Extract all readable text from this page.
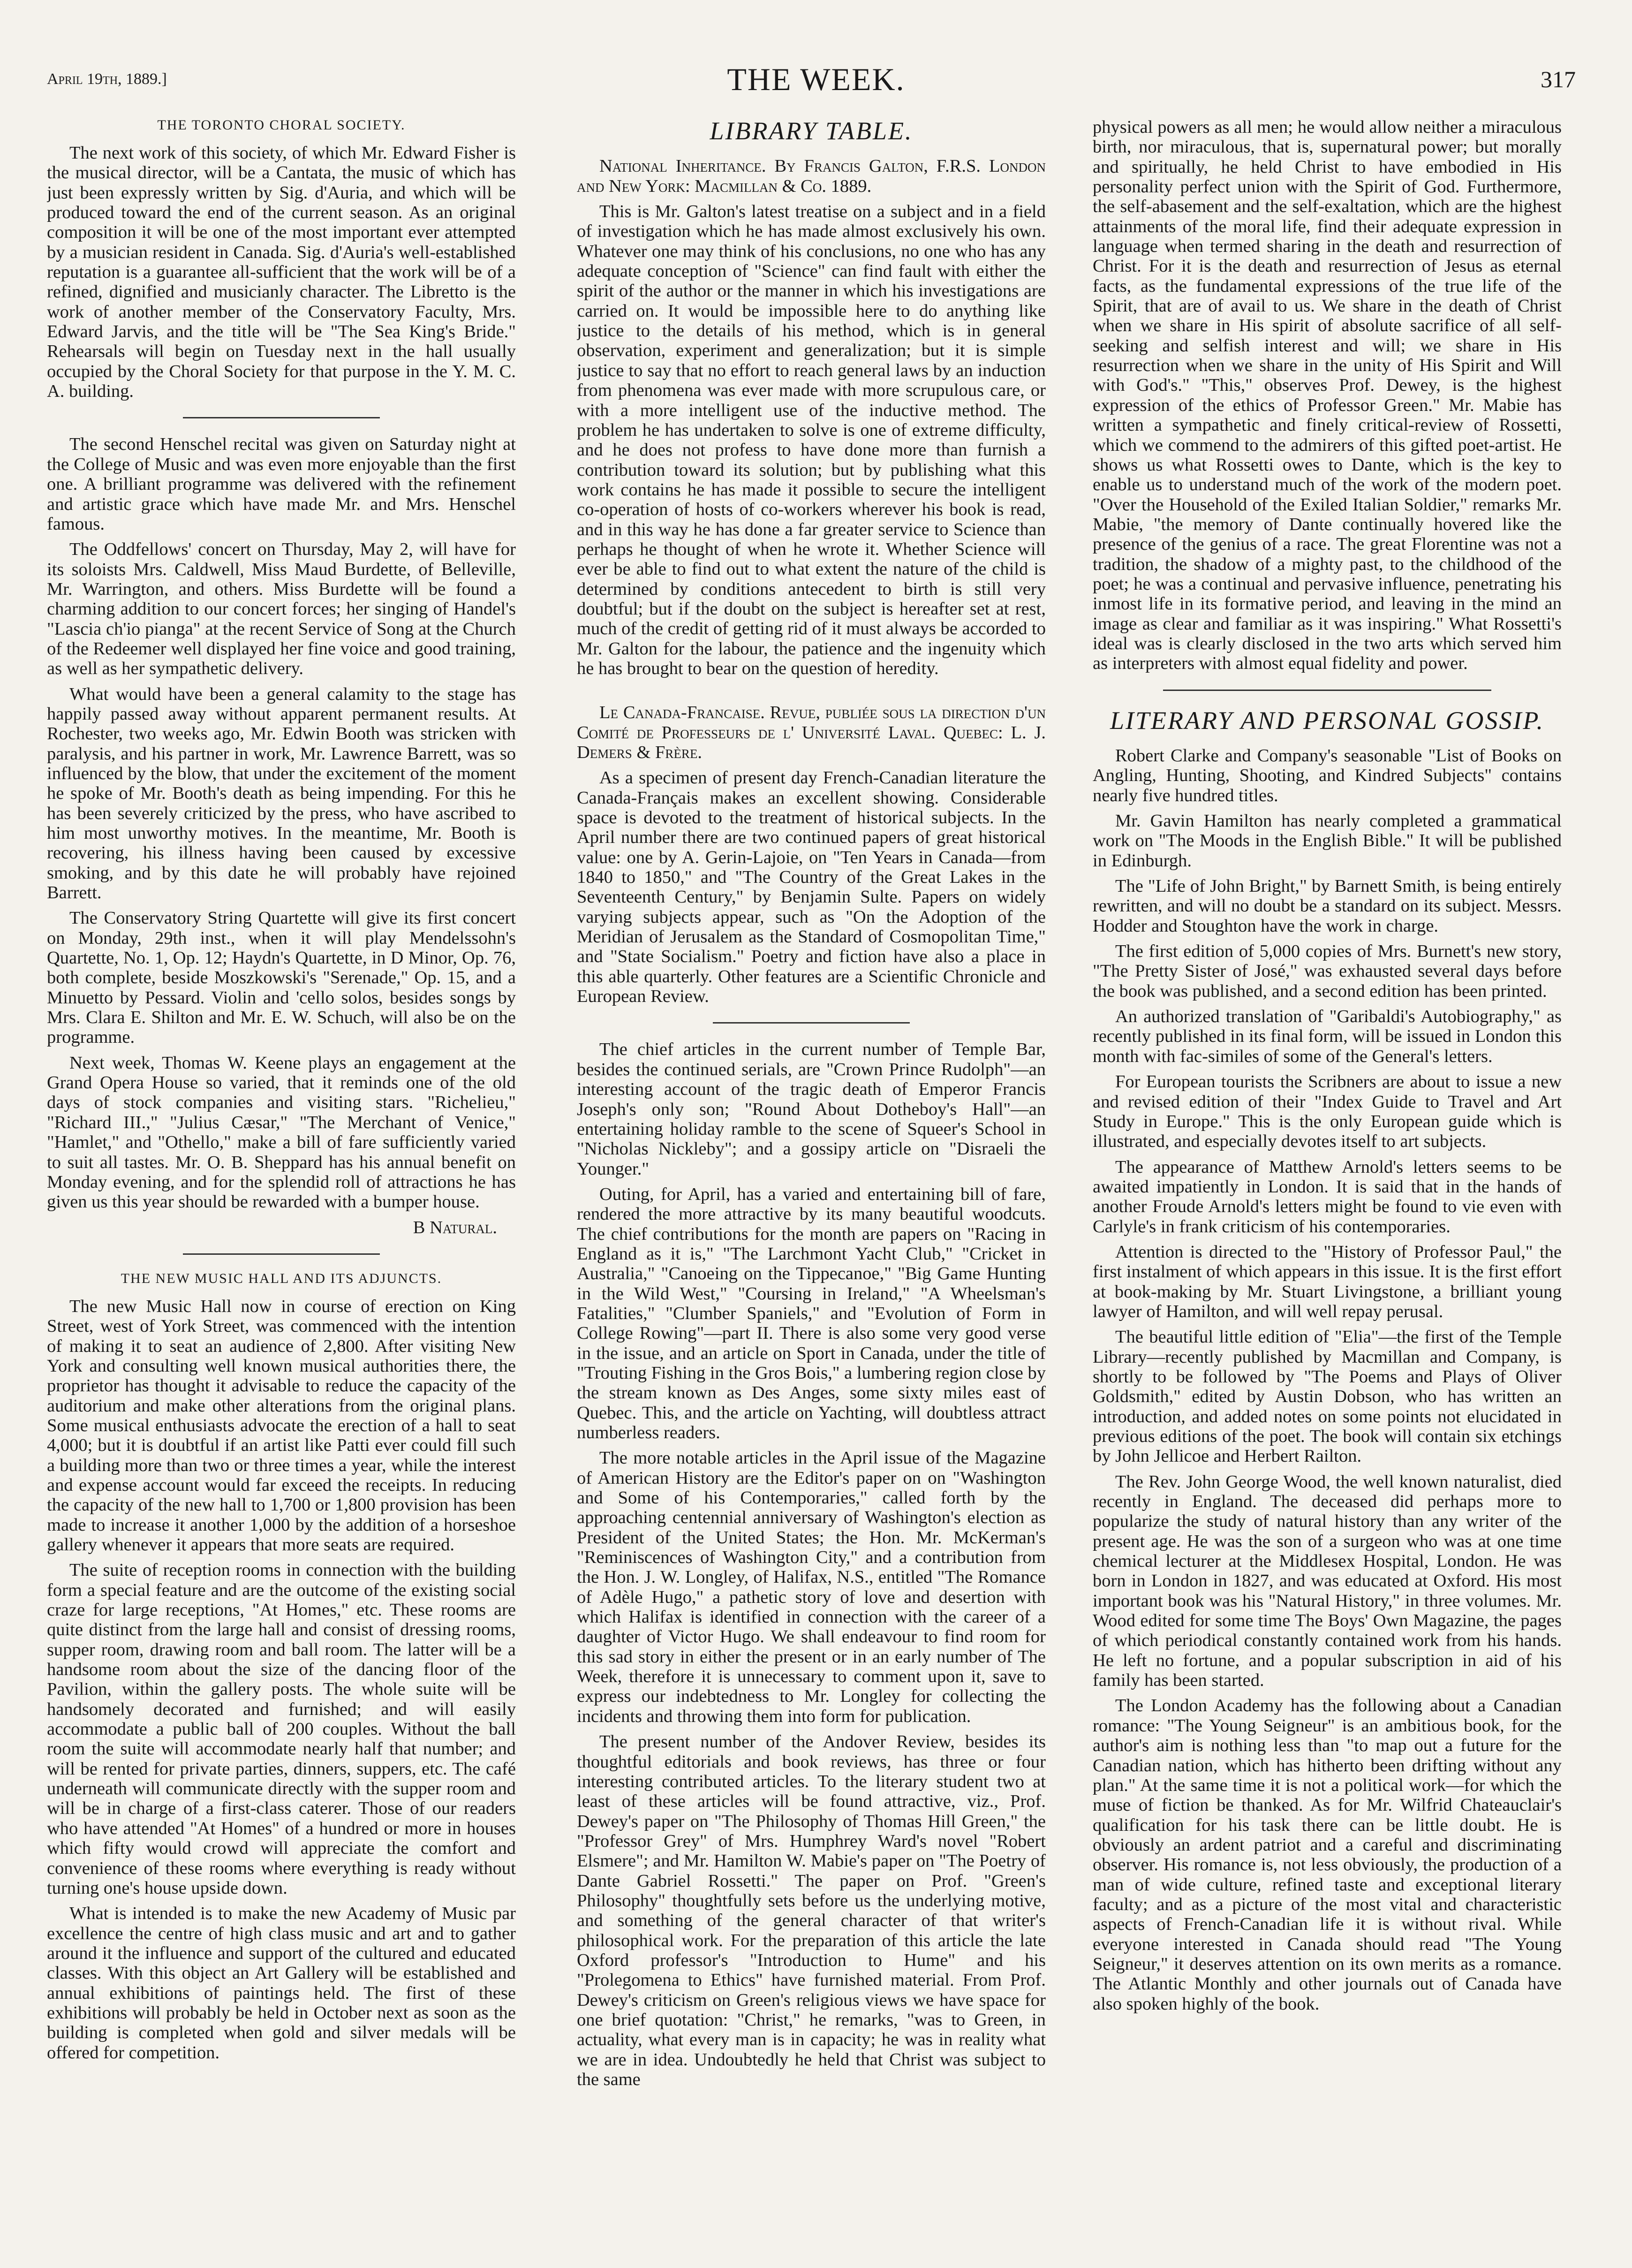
April 19th, 1889.]	THE WEEK.	317
THE TORONTO CHORAL SOCIETY.

The next work of this society, of which Mr. Edward Fisher is the musical director, will be a Cantata, the music of which has just been expressly written by Sig. d'Auria, and which will be produced toward the end of the current season. As an original composition it will be one of the most important ever attempted by a musician resident in Canada. Sig. d'Auria's well-established reputation is a guarantee all-sufficient that the work will be of a refined, dignified and musicianly character. The Libretto is the work of another member of the Conservatory Faculty, Mrs. Edward Jarvis, and the title will be "The Sea King's Bride." Rehearsals will begin on Tuesday next in the hall usually occupied by the Choral Society for that purpose in the Y. M. C. A. building.

The second Henschel recital was given on Saturday night at the College of Music and was even more enjoyable than the first one. A brilliant programme was delivered with the refinement and artistic grace which have made Mr. and Mrs. Henschel famous.

The Oddfellows' concert on Thursday, May 2, will have for its soloists Mrs. Caldwell, Miss Maud Burdette, of Belleville, Mr. Warrington, and others. Miss Burdette will be found a charming addition to our concert forces; her singing of Handel's "Lascia ch'io pianga" at the recent Service of Song at the Church of the Redeemer well displayed her fine voice and good training, as well as her sympathetic delivery.

What would have been a general calamity to the stage has happily passed away without apparent permanent results. At Rochester, two weeks ago, Mr. Edwin Booth was stricken with paralysis, and his partner in work, Mr. Lawrence Barrett, was so influenced by the blow, that under the excitement of the moment he spoke of Mr. Booth's death as being impending. For this he has been severely criticized by the press, who have ascribed to him most unworthy motives. In the meantime, Mr. Booth is recovering, his illness having been caused by excessive smoking, and by this date he will probably have rejoined Barrett.

The Conservatory String Quartette will give its first concert on Monday, 29th inst., when it will play Mendelssohn's Quartette, No. 1, Op. 12; Haydn's Quartette, in D Minor, Op. 76, both complete, beside Moszkowski's "Serenade," Op. 15, and a Minuetto by Pessard. Violin and 'cello solos, besides songs by Mrs. Clara E. Shilton and Mr. E. W. Schuch, will also be on the programme.

Next week, Thomas W. Keene plays an engagement at the Grand Opera House so varied, that it reminds one of the old days of stock companies and visiting stars. "Richelieu," "Richard III.," "Julius Cæsar," "The Merchant of Venice," "Hamlet," and "Othello," make a bill of fare sufficiently varied to suit all tastes. Mr. O. B. Sheppard has his annual benefit on Monday evening, and for the splendid roll of attractions he has given us this year should be rewarded with a bumper house.

B Natural.
THE NEW MUSIC HALL AND ITS ADJUNCTS.

The new Music Hall now in course of erection on King Street, west of York Street, was commenced with the intention of making it to seat an audience of 2,800. After visiting New York and consulting well known musical authorities there, the proprietor has thought it advisable to reduce the capacity of the auditorium and make other alterations from the original plans. Some musical enthusiasts advocate the erection of a hall to seat 4,000; but it is doubtful if an artist like Patti ever could fill such a building more than two or three times a year, while the interest and expense account would far exceed the receipts. In reducing the capacity of the new hall to 1,700 or 1,800 provision has been made to increase it another 1,000 by the addition of a horseshoe gallery whenever it appears that more seats are required.

The suite of reception rooms in connection with the building form a special feature and are the outcome of the existing social craze for large receptions, "At Homes," etc. These rooms are quite distinct from the large hall and consist of dressing rooms, supper room, drawing room and ball room. The latter will be a handsome room about the size of the dancing floor of the Pavilion, within the gallery posts. The whole suite will be handsomely decorated and furnished; and will easily accommodate a public ball of 200 couples. Without the ball room the suite will accommodate nearly half that number; and will be rented for private parties, dinners, suppers, etc. The café underneath will communicate directly with the supper room and will be in charge of a first-class caterer. Those of our readers who have attended "At Homes" of a hundred or more in houses which fifty would crowd will appreciate the comfort and convenience of these rooms where everything is ready without turning one's house upside down.

What is intended is to make the new Academy of Music par excellence the centre of high class music and art and to gather around it the influence and support of the cultured and educated classes. With this object an Art Gallery will be established and annual exhibitions of paintings held. The first of these exhibitions will probably be held in October next as soon as the building is completed when gold and silver medals will be offered for competition.

LIBRARY TABLE.

National Inheritance. By Francis Galton, F.R.S. London and New York: Macmillan & Co. 1889.

This is Mr. Galton's latest treatise on a subject and in a field of investigation which he has made almost exclusively his own. Whatever one may think of his conclusions, no one who has any adequate conception of "Science" can find fault with either the spirit of the author or the manner in which his investigations are carried on. It would be impossible here to do anything like justice to the details of his method, which is in general observation, experiment and generalization; but it is simple justice to say that no effort to reach general laws by an induction from phenomena was ever made with more scrupulous care, or with a more intelligent use of the inductive method. The problem he has undertaken to solve is one of extreme difficulty, and he does not profess to have done more than furnish a contribution toward its solution; but by publishing what this work contains he has made it possible to secure the intelligent co-operation of hosts of co-workers wherever his book is read, and in this way he has done a far greater service to Science than perhaps he thought of when he wrote it. Whether Science will ever be able to find out to what extent the nature of the child is determined by conditions antecedent to birth is still very doubtful; but if the doubt on the subject is hereafter set at rest, much of the credit of getting rid of it must always be accorded to Mr. Galton for the labour, the patience and the ingenuity which he has brought to bear on the question of heredity.

Le Canada-Francaise. Revue, publiée sous la direction d'un Comité de Professeurs de l' Université Laval. Quebec: L. J. Demers & Frère.

As a specimen of present day French-Canadian literature the Canada-Français makes an excellent showing. Considerable space is devoted to the treatment of historical subjects. In the April number there are two continued papers of great historical value: one by A. Gerin-Lajoie, on "Ten Years in Canada—from 1840 to 1850," and "The Country of the Great Lakes in the Seventeenth Century," by Benjamin Sulte. Papers on widely varying subjects appear, such as "On the Adoption of the Meridian of Jerusalem as the Standard of Cosmopolitan Time," and "State Socialism." Poetry and fiction have also a place in this able quarterly. Other features are a Scientific Chronicle and European Review.

The chief articles in the current number of Temple Bar, besides the continued serials, are "Crown Prince Rudolph"—an interesting account of the tragic death of Emperor Francis Joseph's only son; "Round About Dotheboy's Hall"—an entertaining holiday ramble to the scene of Squeer's School in "Nicholas Nickleby"; and a gossipy article on "Disraeli the Younger."

Outing, for April, has a varied and entertaining bill of fare, rendered the more attractive by its many beautiful woodcuts. The chief contributions for the month are papers on "Racing in England as it is," "The Larchmont Yacht Club," "Cricket in Australia," "Canoeing on the Tippecanoe," "Big Game Hunting in the Wild West," "Coursing in Ireland," "A Wheelsman's Fatalities," "Clumber Spaniels," and "Evolution of Form in College Rowing"—part II. There is also some very good verse in the issue, and an article on Sport in Canada, under the title of "Trouting Fishing in the Gros Bois," a lumbering region close by the stream known as Des Anges, some sixty miles east of Quebec. This, and the article on Yachting, will doubtless attract numberless readers.

The more notable articles in the April issue of the Magazine of American History are the Editor's paper on on "Washington and Some of his Contemporaries," called forth by the approaching centennial anniversary of Washington's election as President of the United States; the Hon. Mr. McKerman's "Reminiscences of Washington City," and a contribution from the Hon. J. W. Longley, of Halifax, N.S., entitled "The Romance of Adèle Hugo," a pathetic story of love and desertion with which Halifax is identified in connection with the career of a daughter of Victor Hugo. We shall endeavour to find room for this sad story in either the present or in an early number of The Week, therefore it is unnecessary to comment upon it, save to express our indebtedness to Mr. Longley for collecting the incidents and throwing them into form for publication.

The present number of the Andover Review, besides its thoughtful editorials and book reviews, has three or four interesting contributed articles. To the literary student two at least of these articles will be found attractive, viz., Prof. Dewey's paper on "The Philosophy of Thomas Hill Green," the "Professor Grey" of Mrs. Humphrey Ward's novel "Robert Elsmere"; and Mr. Hamilton W. Mabie's paper on "The Poetry of Dante Gabriel Rossetti." The paper on Prof. "Green's Philosophy" thoughtfully sets before us the underlying motive, and something of the general character of that writer's philosophical work. For the preparation of this article the late Oxford professor's "Introduction to Hume" and his "Prolegomena to Ethics" have furnished material. From Prof. Dewey's criticism on Green's religious views we have space for one brief quotation: "Christ," he remarks, "was to Green, in actuality, what every man is in capacity; he was in reality what we are in idea. Undoubtedly he held that Christ was subject to the same

physical powers as all men; he would allow neither a miraculous birth, nor miraculous, that is, supernatural power; but morally and spiritually, he held Christ to have embodied in His personality perfect union with the Spirit of God. Furthermore, the self-abasement and the self-exaltation, which are the highest attainments of the moral life, find their adequate expression in language when termed sharing in the death and resurrection of Christ. For it is the death and resurrection of Jesus as eternal facts, as the fundamental expressions of the true life of the Spirit, that are of avail to us. We share in the death of Christ when we share in His spirit of absolute sacrifice of all self-seeking and selfish interest and will; we share in His resurrection when we share in the unity of His Spirit and Will with God's." "This," observes Prof. Dewey, is the highest expression of the ethics of Professor Green." Mr. Mabie has written a sympathetic and finely critical-review of Rossetti, which we commend to the admirers of this gifted poet-artist. He shows us what Rossetti owes to Dante, which is the key to enable us to understand much of the work of the modern poet. "Over the Household of the Exiled Italian Soldier," remarks Mr. Mabie, "the memory of Dante continually hovered like the presence of the genius of a race. The great Florentine was not a tradition, the shadow of a mighty past, to the childhood of the poet; he was a continual and pervasive influence, penetrating his inmost life in its formative period, and leaving in the mind an image as clear and familiar as it was inspiring." What Rossetti's ideal was is clearly disclosed in the two arts which served him as interpreters with almost equal fidelity and power.

LITERARY AND PERSONAL GOSSIP.

Robert Clarke and Company's seasonable "List of Books on Angling, Hunting, Shooting, and Kindred Subjects" contains nearly five hundred titles.

Mr. Gavin Hamilton has nearly completed a grammatical work on "The Moods in the English Bible." It will be published in Edinburgh.

The "Life of John Bright," by Barnett Smith, is being entirely rewritten, and will no doubt be a standard on its subject. Messrs. Hodder and Stoughton have the work in charge.

The first edition of 5,000 copies of Mrs. Burnett's new story, "The Pretty Sister of José," was exhausted several days before the book was published, and a second edition has been printed.

An authorized translation of "Garibaldi's Autobiography," as recently published in its final form, will be issued in London this month with fac-similes of some of the General's letters.

For European tourists the Scribners are about to issue a new and revised edition of their "Index Guide to Travel and Art Study in Europe." This is the only European guide which is illustrated, and especially devotes itself to art subjects.

The appearance of Matthew Arnold's letters seems to be awaited impatiently in London. It is said that in the hands of another Froude Arnold's letters might be found to vie even with Carlyle's in frank criticism of his contemporaries.

Attention is directed to the "History of Professor Paul," the first instalment of which appears in this issue. It is the first effort at book-making by Mr. Stuart Livingstone, a brilliant young lawyer of Hamilton, and will well repay perusal.

The beautiful little edition of "Elia"—the first of the Temple Library—recently published by Macmillan and Company, is shortly to be followed by "The Poems and Plays of Oliver Goldsmith," edited by Austin Dobson, who has written an introduction, and added notes on some points not elucidated in previous editions of the poet. The book will contain six etchings by John Jellicoe and Herbert Railton.

The Rev. John George Wood, the well known naturalist, died recently in England. The deceased did perhaps more to popularize the study of natural history than any writer of the present age. He was the son of a surgeon who was at one time chemical lecturer at the Middlesex Hospital, London. He was born in London in 1827, and was educated at Oxford. His most important book was his "Natural History," in three volumes. Mr. Wood edited for some time The Boys' Own Magazine, the pages of which periodical constantly contained work from his hands. He left no fortune, and a popular subscription in aid of his family has been started.

The London Academy has the following about a Canadian romance: "The Young Seigneur" is an ambitious book, for the author's aim is nothing less than "to map out a future for the Canadian nation, which has hitherto been drifting without any plan." At the same time it is not a political work—for which the muse of fiction be thanked. As for Mr. Wilfrid Chateauclair's qualification for his task there can be little doubt. He is obviously an ardent patriot and a careful and discriminating observer. His romance is, not less obviously, the production of a man of wide culture, refined taste and exceptional literary faculty; and as a picture of the most vital and characteristic aspects of French-Canadian life it is without rival. While everyone interested in Canada should read "The Young Seigneur," it deserves attention on its own merits as a romance. The Atlantic Monthly and other journals out of Canada have also spoken highly of the book.
